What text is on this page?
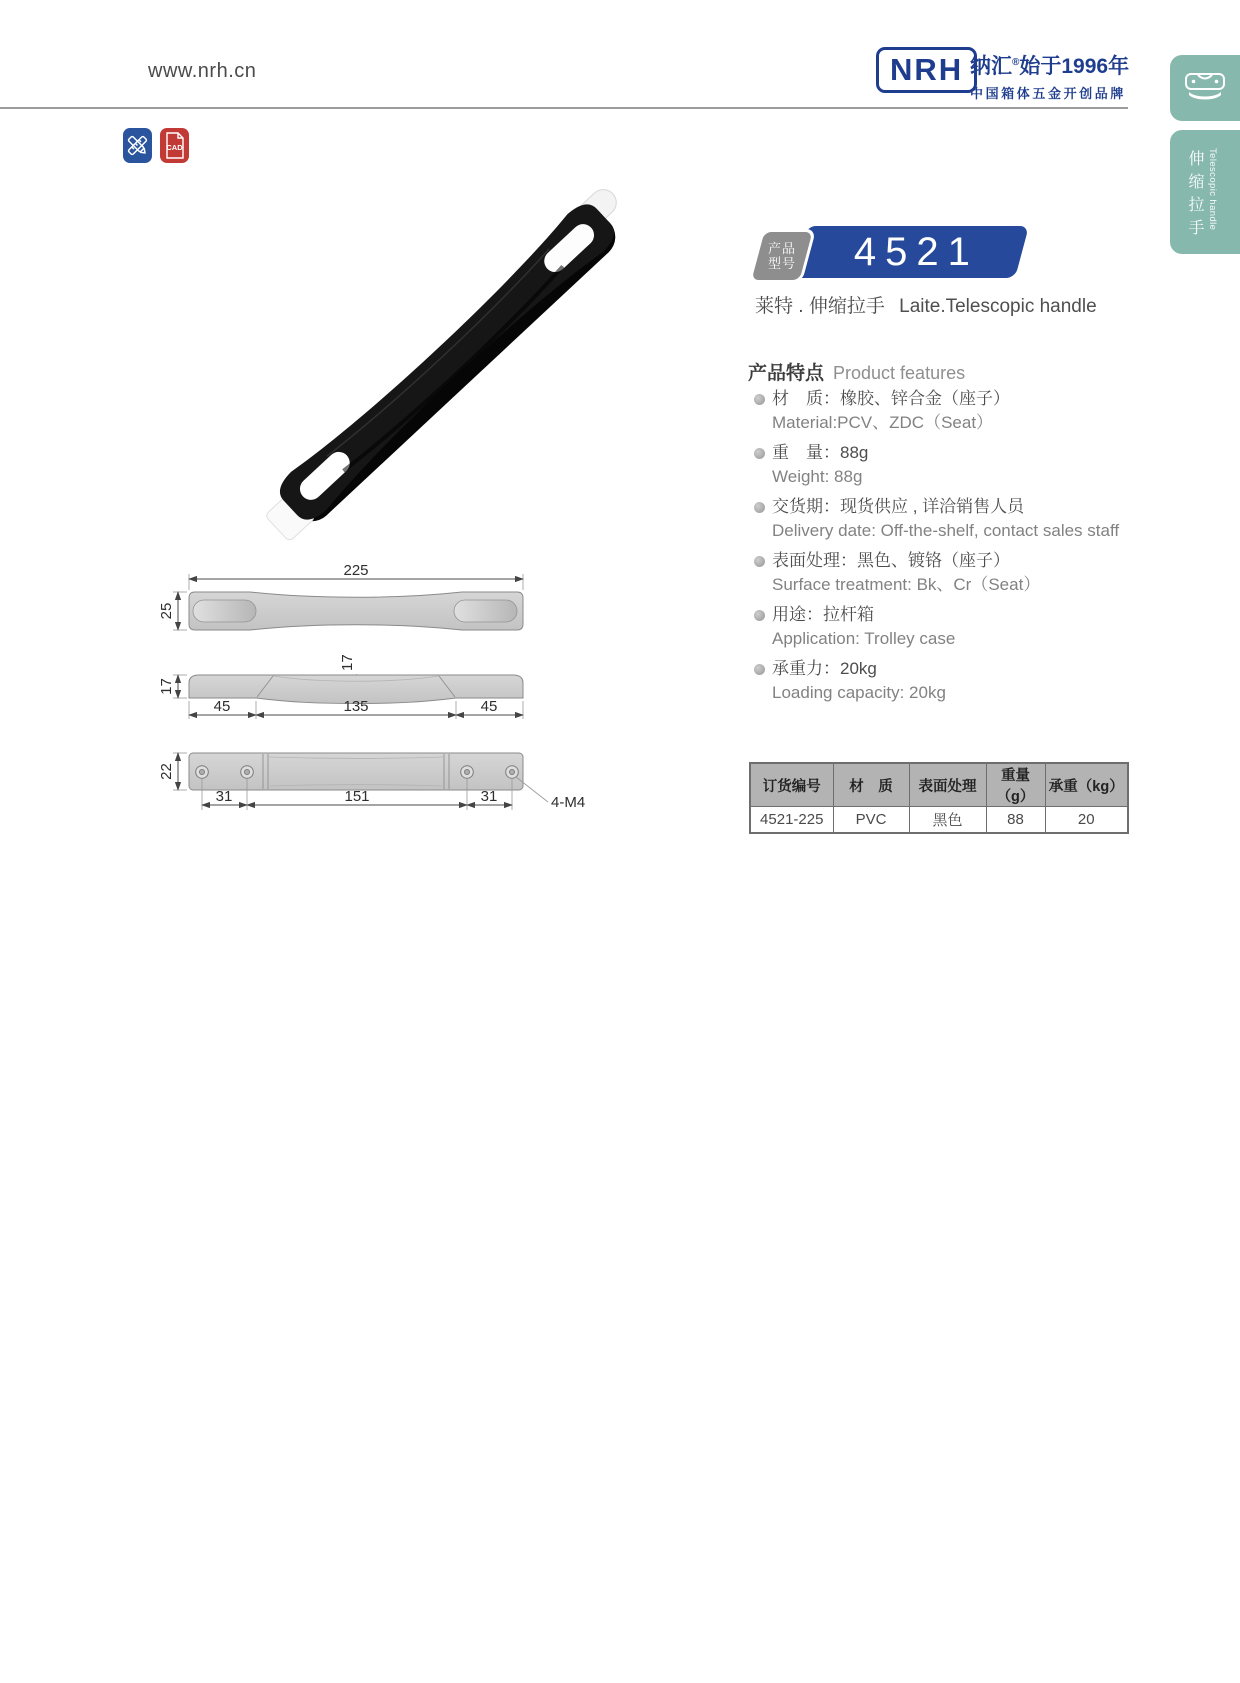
www.nrh.cn	NRH 纳汇®始于1996年
中国箱体五金开创品牌
伸缩拉手 Telescopic handle
CAD
4521
产品
型号
莱特 . 伸缩拉手 Laite.Telescopic handle
产品特点 Product features
材　质：橡胶、锌合金（座子）
Material:PCV、ZDC（Seat）
重　量：88g
Weight: 88g
交货期：现货供应 , 详洽销售人员
Delivery date: Off-the-shelf, contact sales staff
表面处理：黑色、镀铬（座子）
Surface treatment: Bk、Cr（Seat）
用途：拉杆箱
Application: Trolley case
承重力：20kg
Loading capacity: 20kg
订货编号	材　质	表面处理	重量（g）	承重（kg）
4521-225	PVC	黑色	88	20
225
25
17
17
45	135	45
22
31	151	31	4-M4
